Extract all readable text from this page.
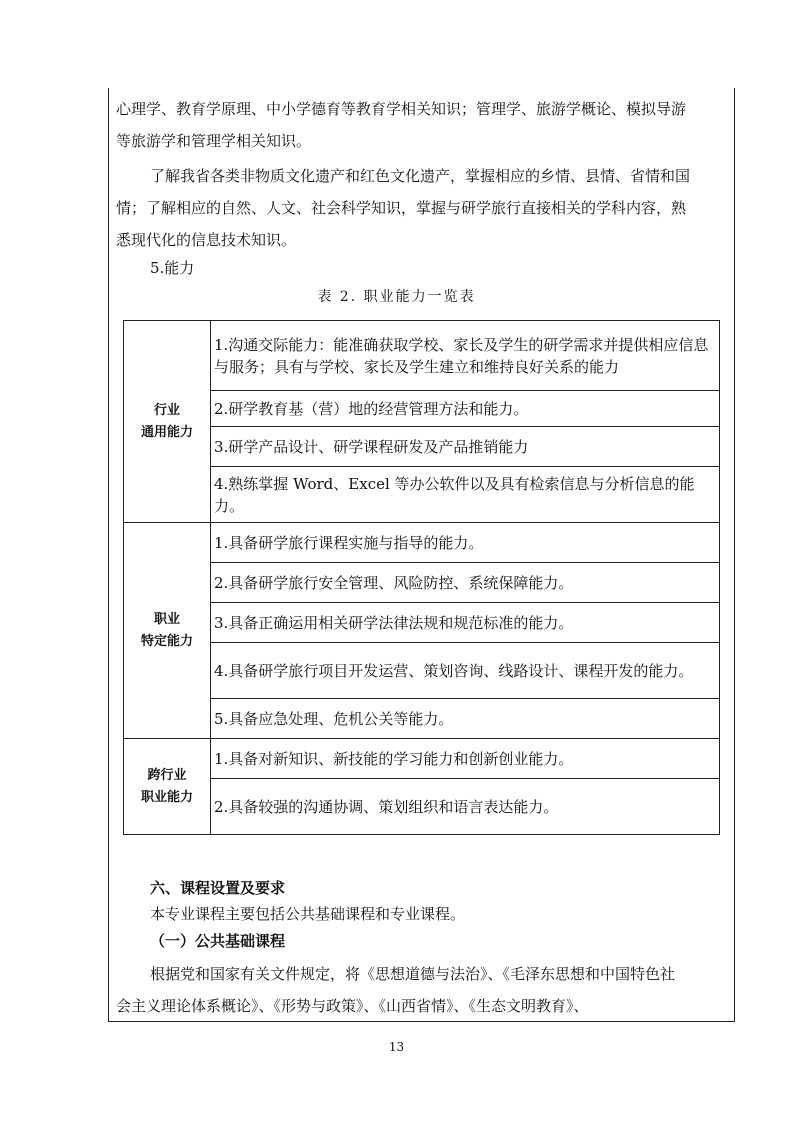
心理学、教育学原理、中小学德育等教育学相关知识；管理学、旅游学概论、模拟导游
等旅游学和管理学相关知识。
了解我省各类非物质文化遗产和红色文化遗产，掌握相应的乡情、县情、省情和国
情；了解相应的自然、人文、社会科学知识，掌握与研学旅行直接相关的学科内容，熟
悉现代化的信息技术知识。
5.能力
表 2. 职业能力一览表
行业
通用能力	1.沟通交际能力：能准确获取学校、家长及学生的研学需求并提供相应信息与服务；具有与学校、家长及学生建立和维持良好关系的能力
	2.研学教育基（营）地的经营管理方法和能力。
	3.研学产品设计、研学课程研发及产品推销能力
	4.熟练掌握 Word、Excel 等办公软件以及具有检索信息与分析信息的能力。

职业
特定能力	1.具备研学旅行课程实施与指导的能力。
	2.具备研学旅行安全管理、风险防控、系统保障能力。
	3.具备正确运用相关研学法律法规和规范标准的能力。
	4.具备研学旅行项目开发运营、策划咨询、线路设计、课程开发的能力。
	5.具备应急处理、危机公关等能力。

跨行业
职业能力	1.具备对新知识、新技能的学习能力和创新创业能力。
	2.具备较强的沟通协调、策划组织和语言表达能力。
六、课程设置及要求
本专业课程主要包括公共基础课程和专业课程。
（一）公共基础课程
根据党和国家有关文件规定，将《思想道德与法治》、《毛泽东思想和中国特色社
会主义理论体系概论》、《形势与政策》、《山西省情》、《生态文明教育》、
13
